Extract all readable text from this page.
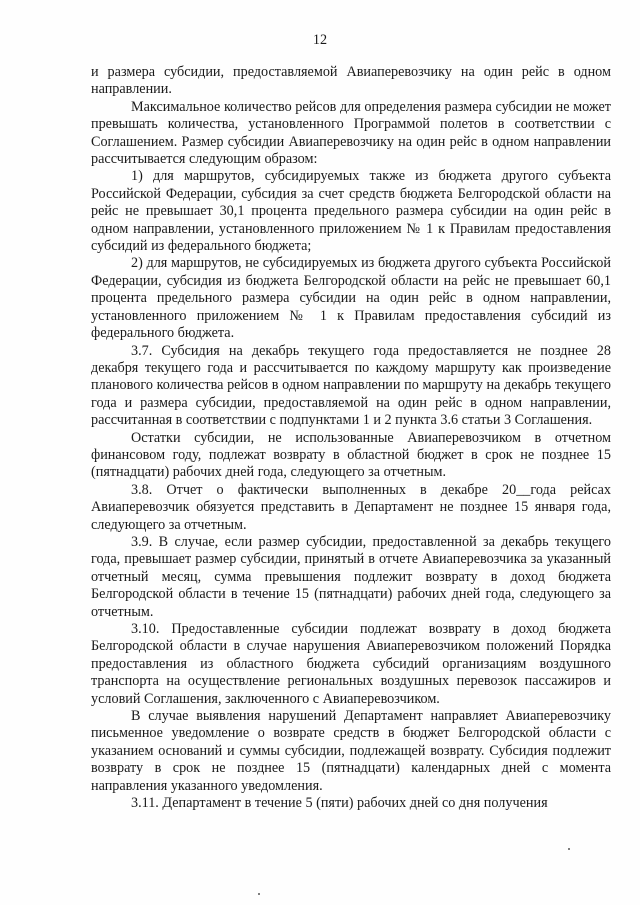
12

и размера субсидии, предоставляемой Авиаперевозчику на один рейс в одном направлении.

Максимальное количество рейсов для определения размера субсидии не может превышать количества, установленного Программой полетов в соответствии с Соглашением. Размер субсидии Авиаперевозчику на один рейс в одном направлении рассчитывается следующим образом:

1) для маршрутов, субсидируемых также из бюджета другого субъекта Российской Федерации, субсидия за счет средств бюджета Белгородской области на рейс не превышает 30,1 процента предельного размера субсидии на один рейс в одном направлении, установленного приложением № 1 к Правилам предоставления субсидий из федерального бюджета;

2) для маршрутов, не субсидируемых из бюджета другого субъекта Российской Федерации, субсидия из бюджета Белгородской области на рейс не превышает 60,1 процента предельного размера субсидии на один рейс в одном направлении, установленного приложением № 1 к Правилам предоставления субсидий из федерального бюджета.

3.7. Субсидия на декабрь текущего года предоставляется не позднее 28 декабря текущего года и рассчитывается по каждому маршруту как произведение планового количества рейсов в одном направлении по маршруту на декабрь текущего года и размера субсидии, предоставляемой на один рейс в одном направлении, рассчитанная в соответствии с подпунктами 1 и 2 пункта 3.6 статьи 3 Соглашения.

Остатки субсидии, не использованные Авиаперевозчиком в отчетном финансовом году, подлежат возврату в областной бюджет в срок не позднее 15 (пятнадцати) рабочих дней года, следующего за отчетным.

3.8. Отчет о фактически выполненных в декабре 20__года рейсах Авиаперевозчик обязуется представить в Департамент не позднее 15 января года, следующего за отчетным.

3.9. В случае, если размер субсидии, предоставленной за декабрь текущего года, превышает размер субсидии, принятый в отчете Авиаперевозчика за указанный отчетный месяц, сумма превышения подлежит возврату в доход бюджета Белгородской области в течение 15 (пятнадцати) рабочих дней года, следующего за отчетным.

3.10. Предоставленные субсидии подлежат возврату в доход бюджета Белгородской области в случае нарушения Авиаперевозчиком положений Порядка предоставления из областного бюджета субсидий организациям воздушного транспорта на осуществление региональных воздушных перевозок пассажиров и условий Соглашения, заключенного с Авиаперевозчиком.

В случае выявления нарушений Департамент направляет Авиаперевозчику письменное уведомление о возврате средств в бюджет Белгородской области с указанием оснований и суммы субсидии, подлежащей возврату. Субсидия подлежит возврату в срок не позднее 15 (пятнадцати) календарных дней с момента направления указанного уведомления.

3.11. Департамент в течение 5 (пяти) рабочих дней со дня получения
